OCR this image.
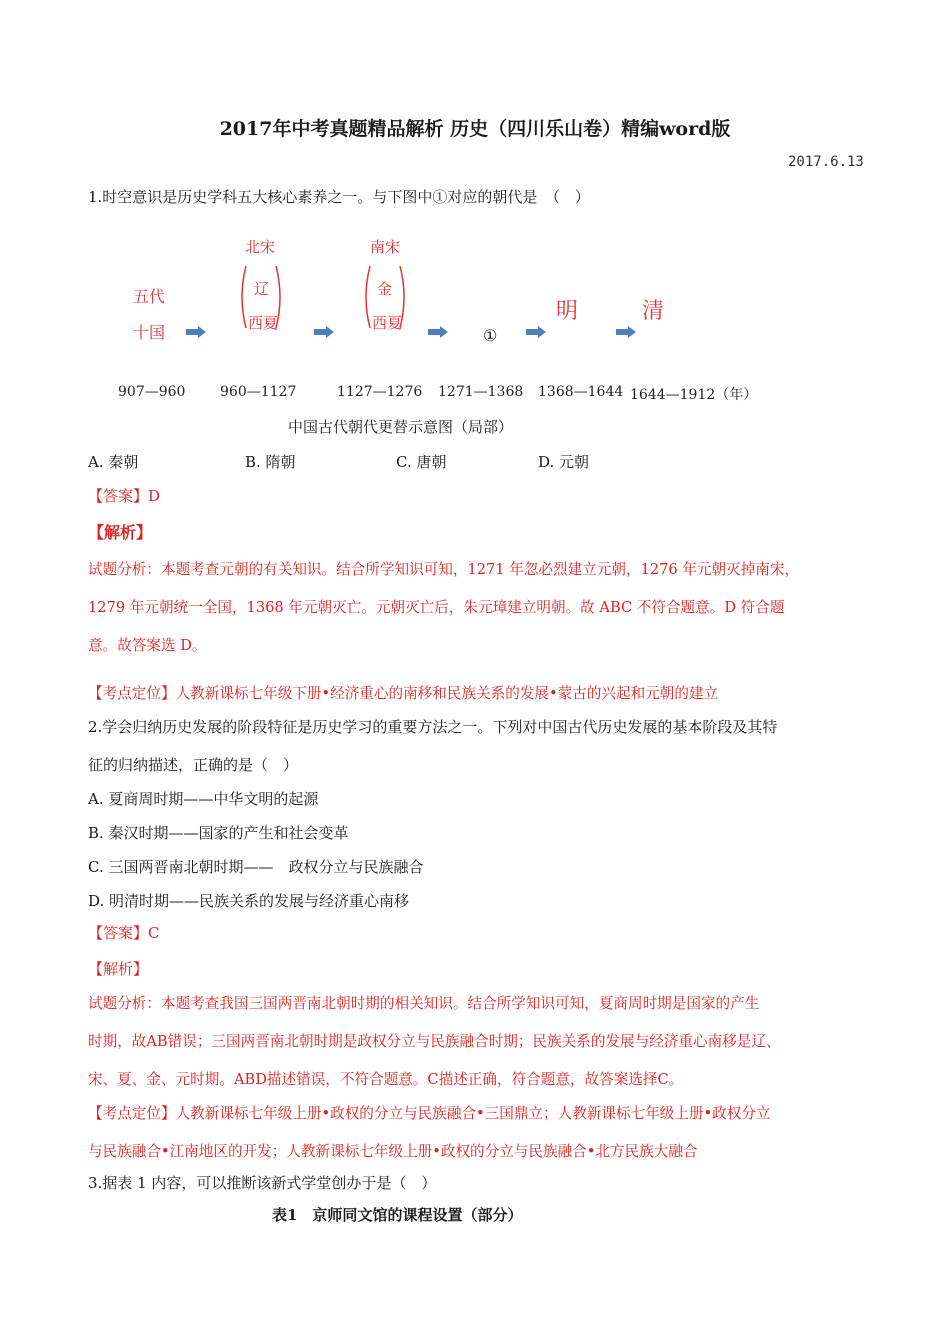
2017年中考真题精品解析 历史（四川乐山卷）精编word版
2017.6.13
1.时空意识是历史学科五大核心素养之一。与下图中①对应的朝代是　（　）
五代
十国
北宋
辽
西夏
南宋
金
西夏
①
明	清
907—960 960—1127	1127—1276 1271—1368 1368—1644 1644—1912（年）
中国古代朝代更替示意图（局部）
A. 秦朝	B. 隋朝	C. 唐朝	D. 元朝
【答案】D
【解析】
试题分析：本题考查元朝的有关知识。结合所学知识可知，1271 年忽必烈建立元朝，1276 年元朝灭掉南宋，
1279 年元朝统一全国，1368 年元朝灭亡。元朝灭亡后，朱元璋建立明朝。故 ABC 不符合题意。D 符合题
意。故答案选 D。
【考点定位】人教新课标七年级下册•经济重心的南移和民族关系的发展•蒙古的兴起和元朝的建立
2.学会归纳历史发展的阶段特征是历史学习的重要方法之一。下列对中国古代历史发展的基本阶段及其特
征的归纳描述，正确的是（　）
A. 夏商周时期——中华文明的起源
B. 秦汉时期——国家的产生和社会变革
C. 三国两晋南北朝时期——　政权分立与民族融合
D. 明清时期——民族关系的发展与经济重心南移
【答案】C
【解析】
试题分析：本题考查我国三国两晋南北朝时期的相关知识。结合所学知识可知，夏商周时期是国家的产生
时期，故AB错误；三国两晋南北朝时期是政权分立与民族融合时期；民族关系的发展与经济重心南移是辽、
宋、夏、金、元时期。ABD描述错误，不符合题意。C描述正确，符合题意，故答案选择C。
【考点定位】人教新课标七年级上册•政权的分立与民族融合•三国鼎立；人教新课标七年级上册•政权分立
与民族融合•江南地区的开发；人教新课标七年级上册•政权的分立与民族融合•北方民族大融合
3.据表 1 内容，可以推断该新式学堂创办于是（　）
表1　京师同文馆的课程设置（部分）
